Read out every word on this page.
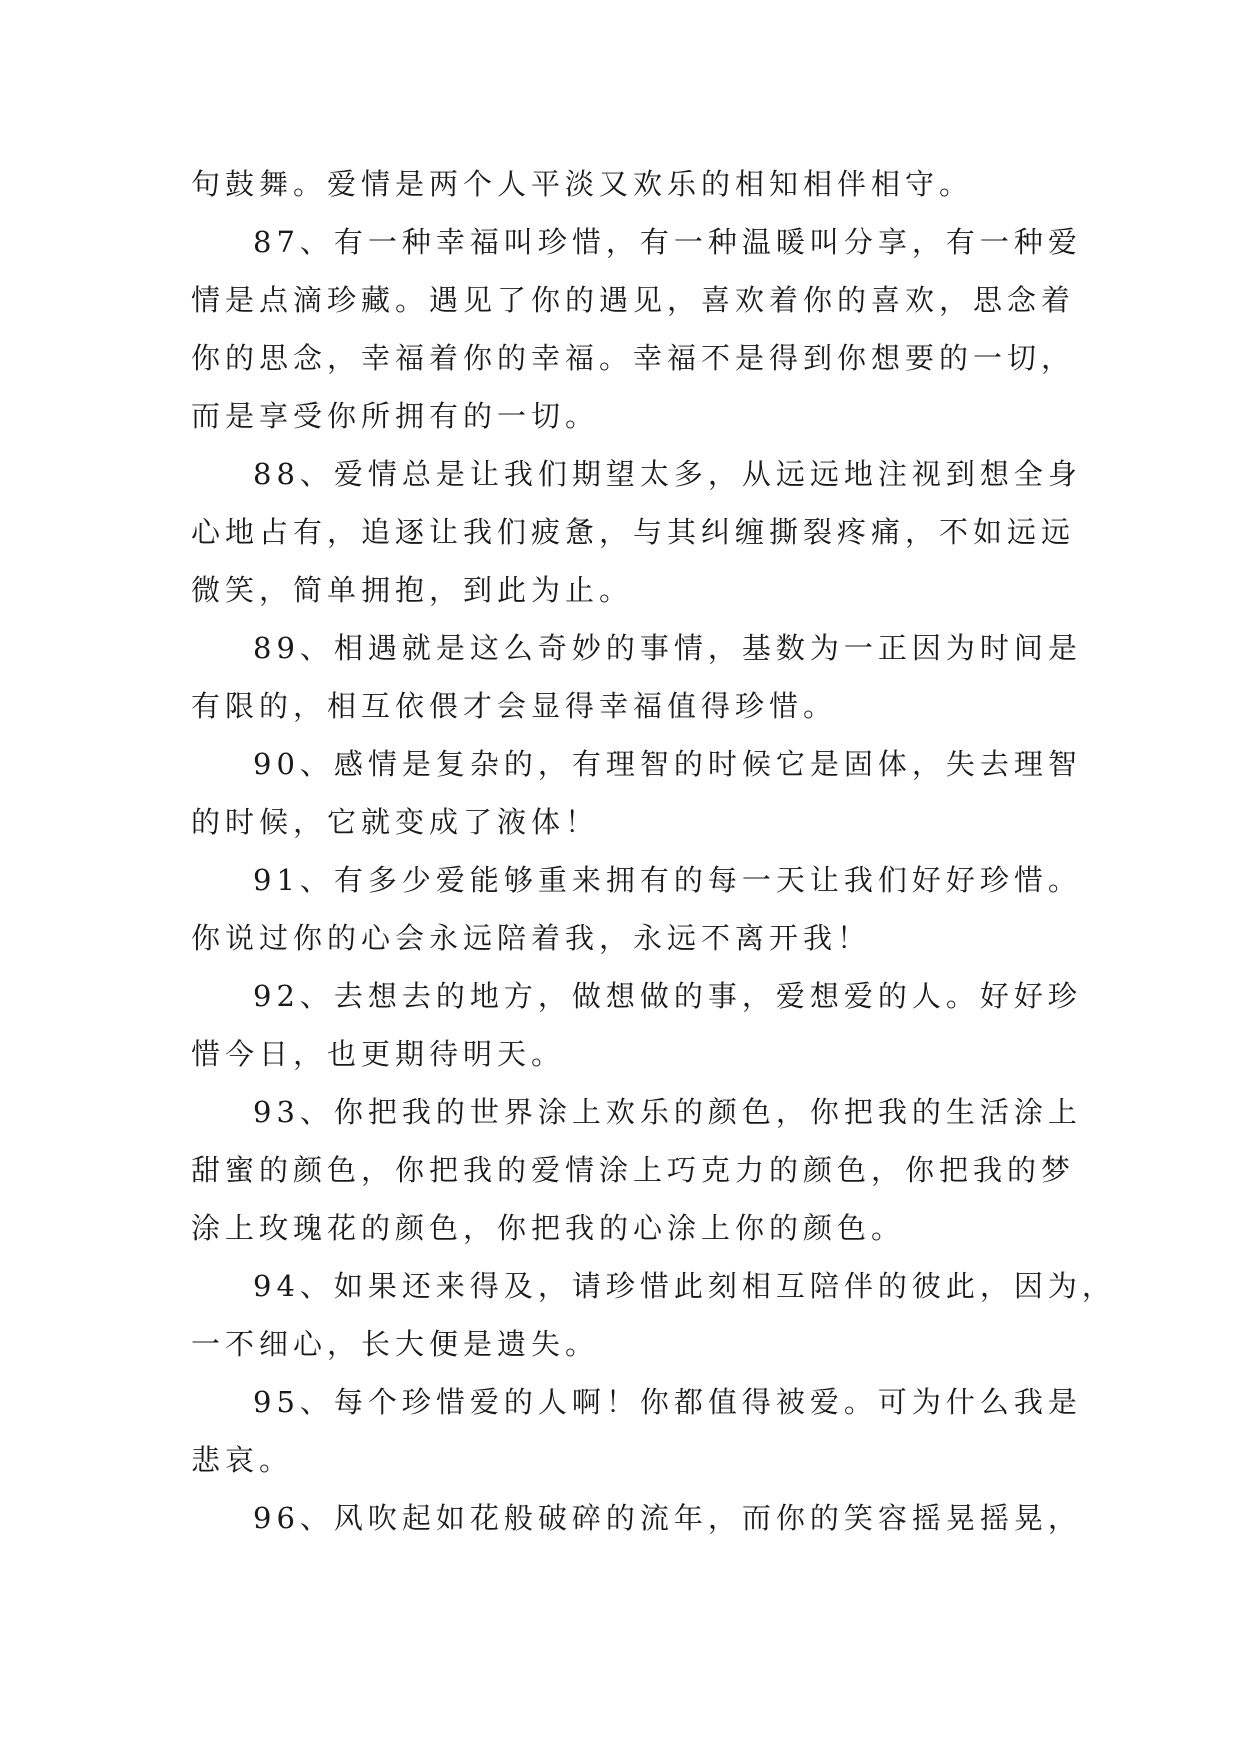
句鼓舞。爱情是两个人平淡又欢乐的相知相伴相守。
87、有一种幸福叫珍惜，有一种温暖叫分享，有一种爱
情是点滴珍藏。遇见了你的遇见，喜欢着你的喜欢，思念着
你的思念，幸福着你的幸福。幸福不是得到你想要的一切，
而是享受你所拥有的一切。
88、爱情总是让我们期望太多，从远远地注视到想全身
心地占有，追逐让我们疲惫，与其纠缠撕裂疼痛，不如远远
微笑，简单拥抱，到此为止。
89、相遇就是这么奇妙的事情，基数为一正因为时间是
有限的，相互依偎才会显得幸福值得珍惜。
90、感情是复杂的，有理智的时候它是固体，失去理智
的时候，它就变成了液体！
91、有多少爱能够重来拥有的每一天让我们好好珍惜。
你说过你的心会永远陪着我，永远不离开我！
92、去想去的地方，做想做的事，爱想爱的人。好好珍
惜今日，也更期待明天。
93、你把我的世界涂上欢乐的颜色，你把我的生活涂上
甜蜜的颜色，你把我的爱情涂上巧克力的颜色，你把我的梦
涂上玫瑰花的颜色，你把我的心涂上你的颜色。
94、如果还来得及，请珍惜此刻相互陪伴的彼此，因为，
一不细心，长大便是遗失。
95、每个珍惜爱的人啊！你都值得被爱。可为什么我是
悲哀。
96、风吹起如花般破碎的流年，而你的笑容摇晃摇晃，
